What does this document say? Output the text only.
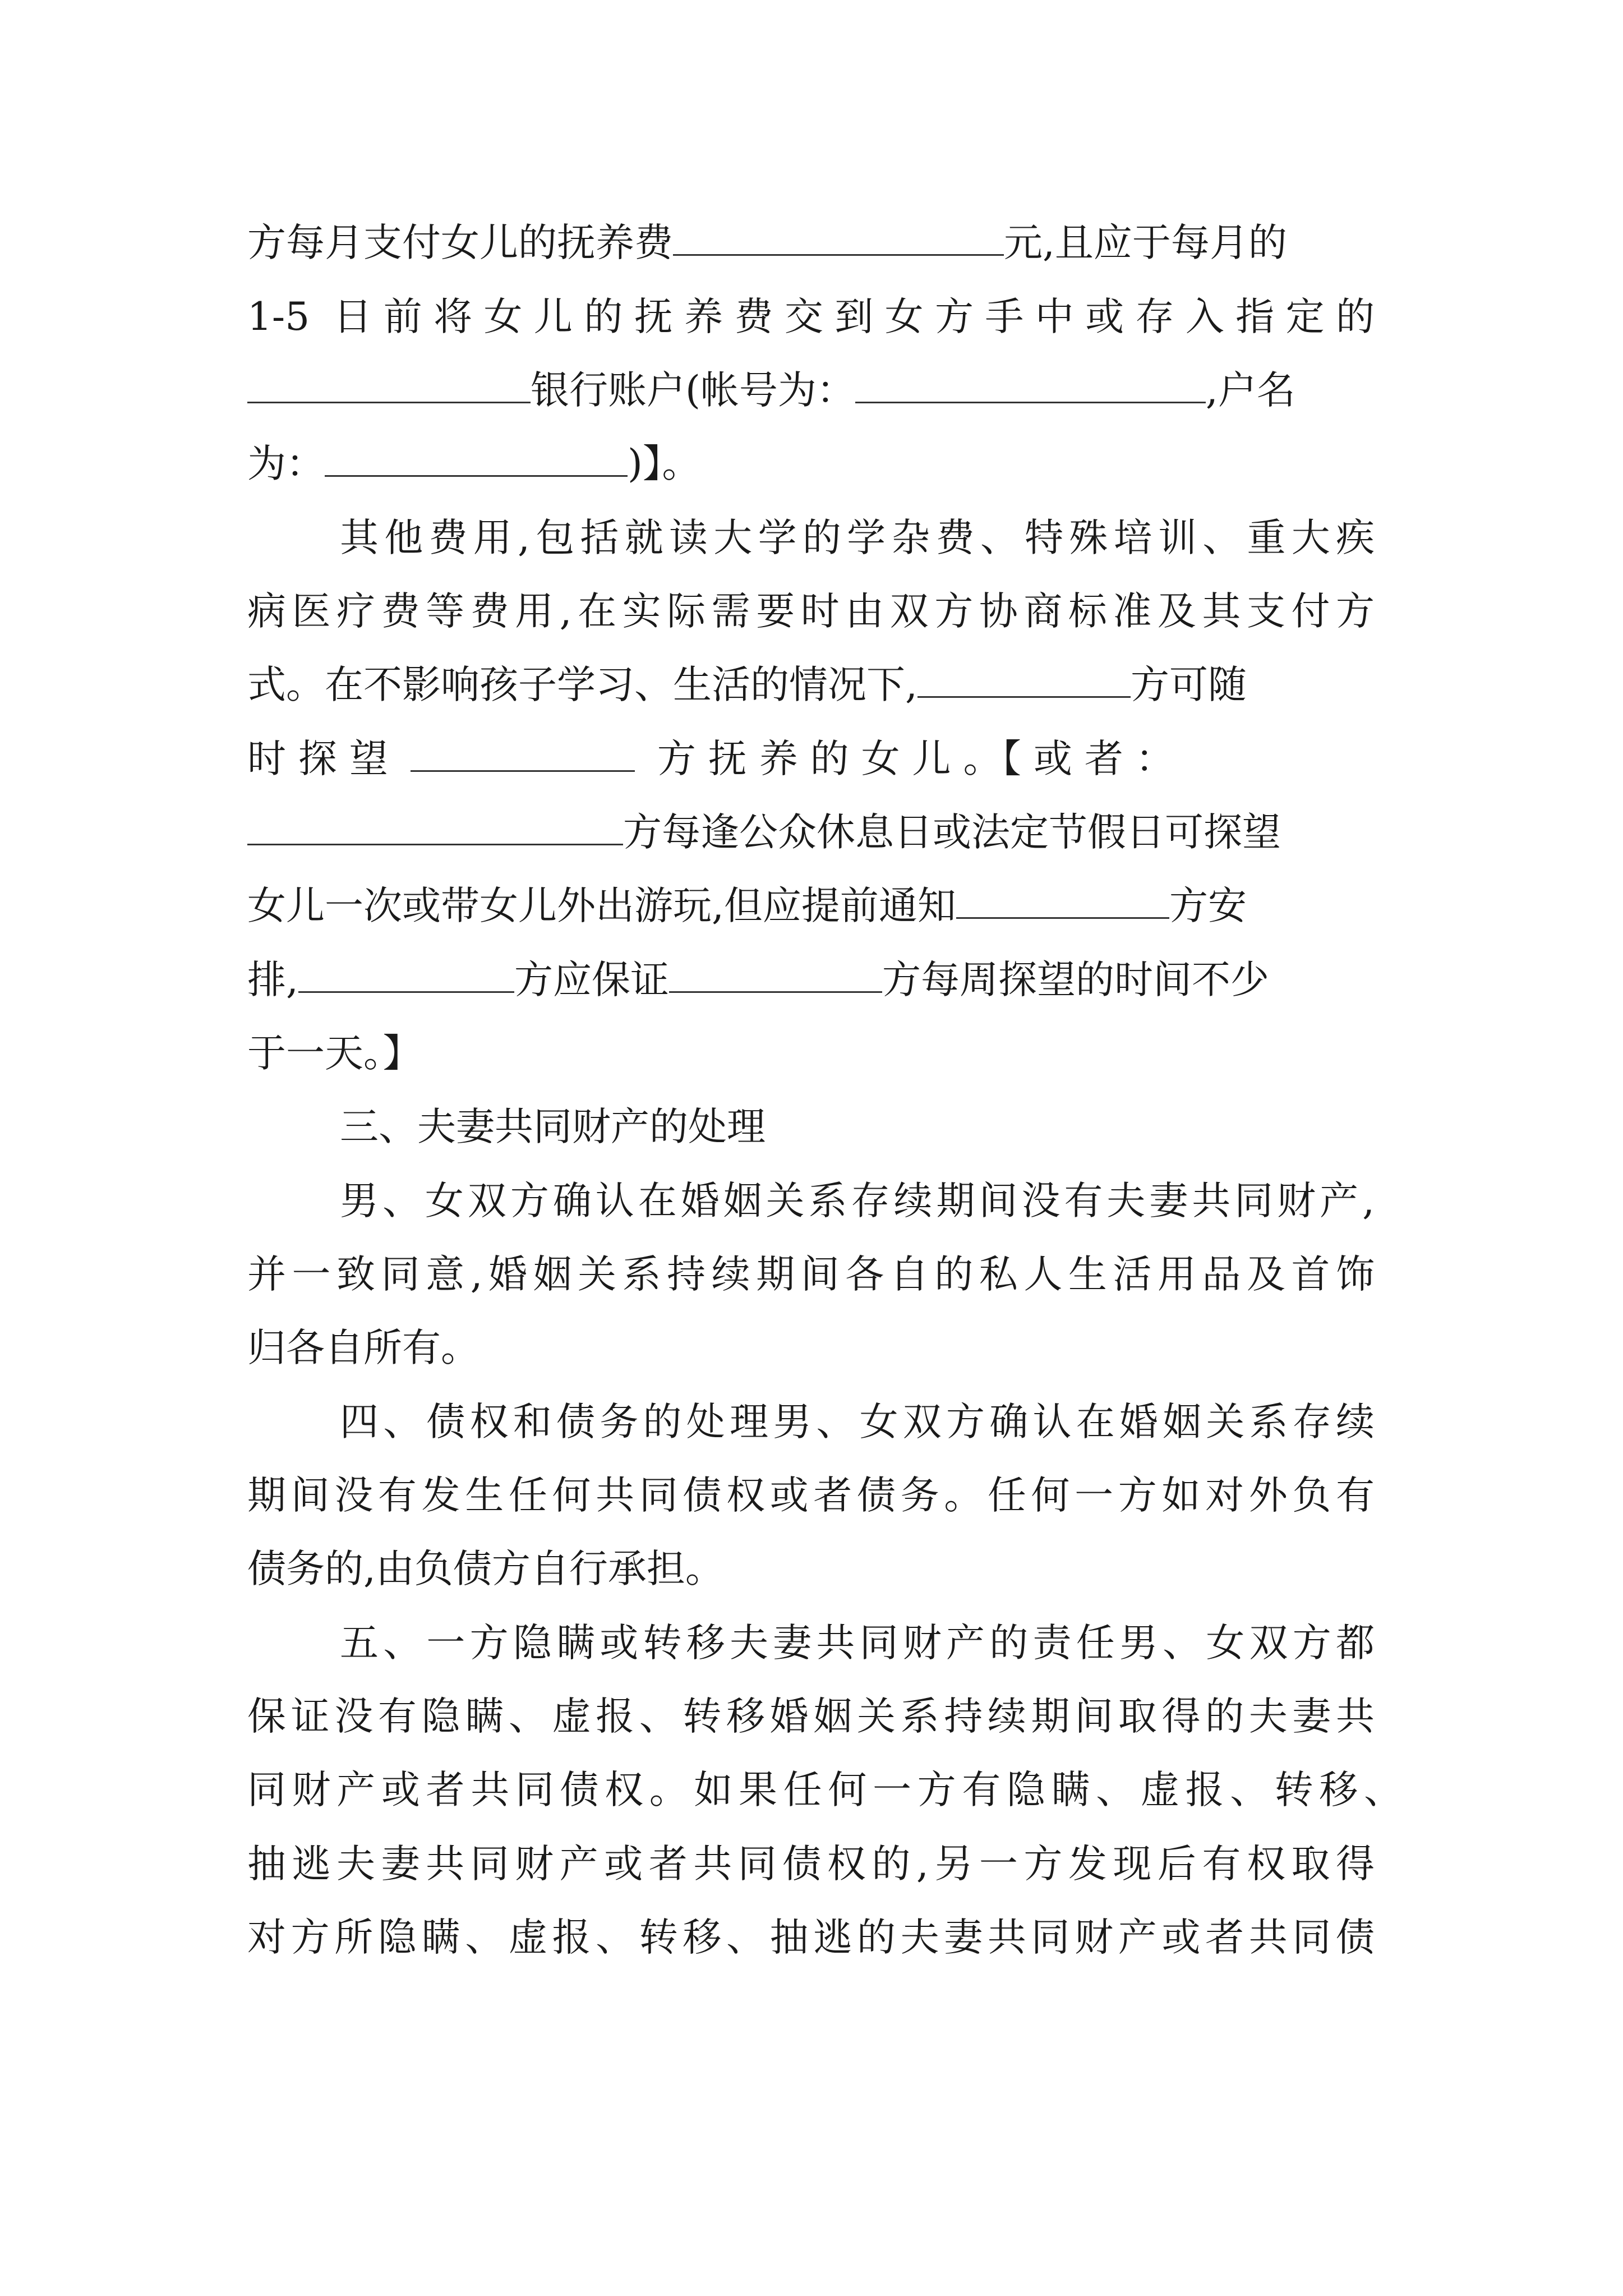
方每月支付女儿的抚养费	元,且应于每月的
1-5 日前将女儿的抚养费交到女方手中或存入指定的
银行账户(帐号为：	,户名
为：	)】。
其他费用,包括就读大学的学杂费、特殊培训、重大疾
病医疗费等费用,在实际需要时由双方协商标准及其支付方
式。在不影响孩子学习、生活的情况下,	方可随
时 探 望	方 抚 养 的 女 儿 。【 或 者 ：
方每逢公众休息日或法定节假日可探望
女儿一次或带女儿外出游玩,但应提前通知	方安
排,	方应保证	方每周探望的时间不少
于一天。】
三、夫妻共同财产的处理
男、女双方确认在婚姻关系存续期间没有夫妻共同财产,
并一致同意,婚姻关系持续期间各自的私人生活用品及首饰
归各自所有。
四、债权和债务的处理男、女双方确认在婚姻关系存续
期间没有发生任何共同债权或者债务。任何一方如对外负有
债务的,由负债方自行承担。
五、一方隐瞒或转移夫妻共同财产的责任男、女双方都
保证没有隐瞒、虚报、转移婚姻关系持续期间取得的夫妻共
同财产或者共同债权。如果任何一方有隐瞒、虚报、转移、
抽逃夫妻共同财产或者共同债权的,另一方发现后有权取得
对方所隐瞒、虚报、转移、抽逃的夫妻共同财产或者共同债
